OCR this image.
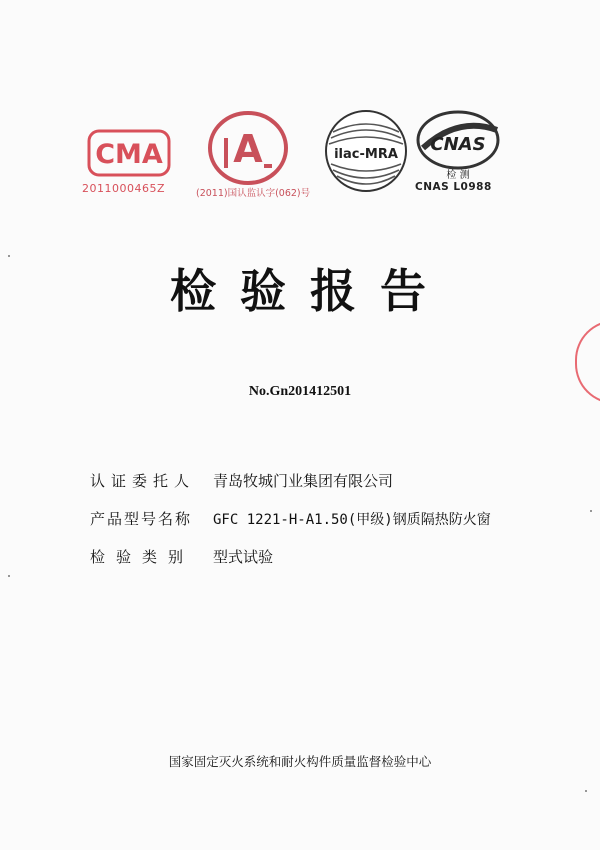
CMA
2011000465Z
A
(2011)国认监认字(062)号
ilac-MRA CNAS
检 测
CNAS L0988
检验报告
No.Gn201412501
认证委托人 青岛牧城门业集团有限公司
产品型号名称 GFC 1221-H-A1.50(甲级)钢质隔热防火窗
检验类别 型式试验
国家固定灭火系统和耐火构件质量监督检验中心
